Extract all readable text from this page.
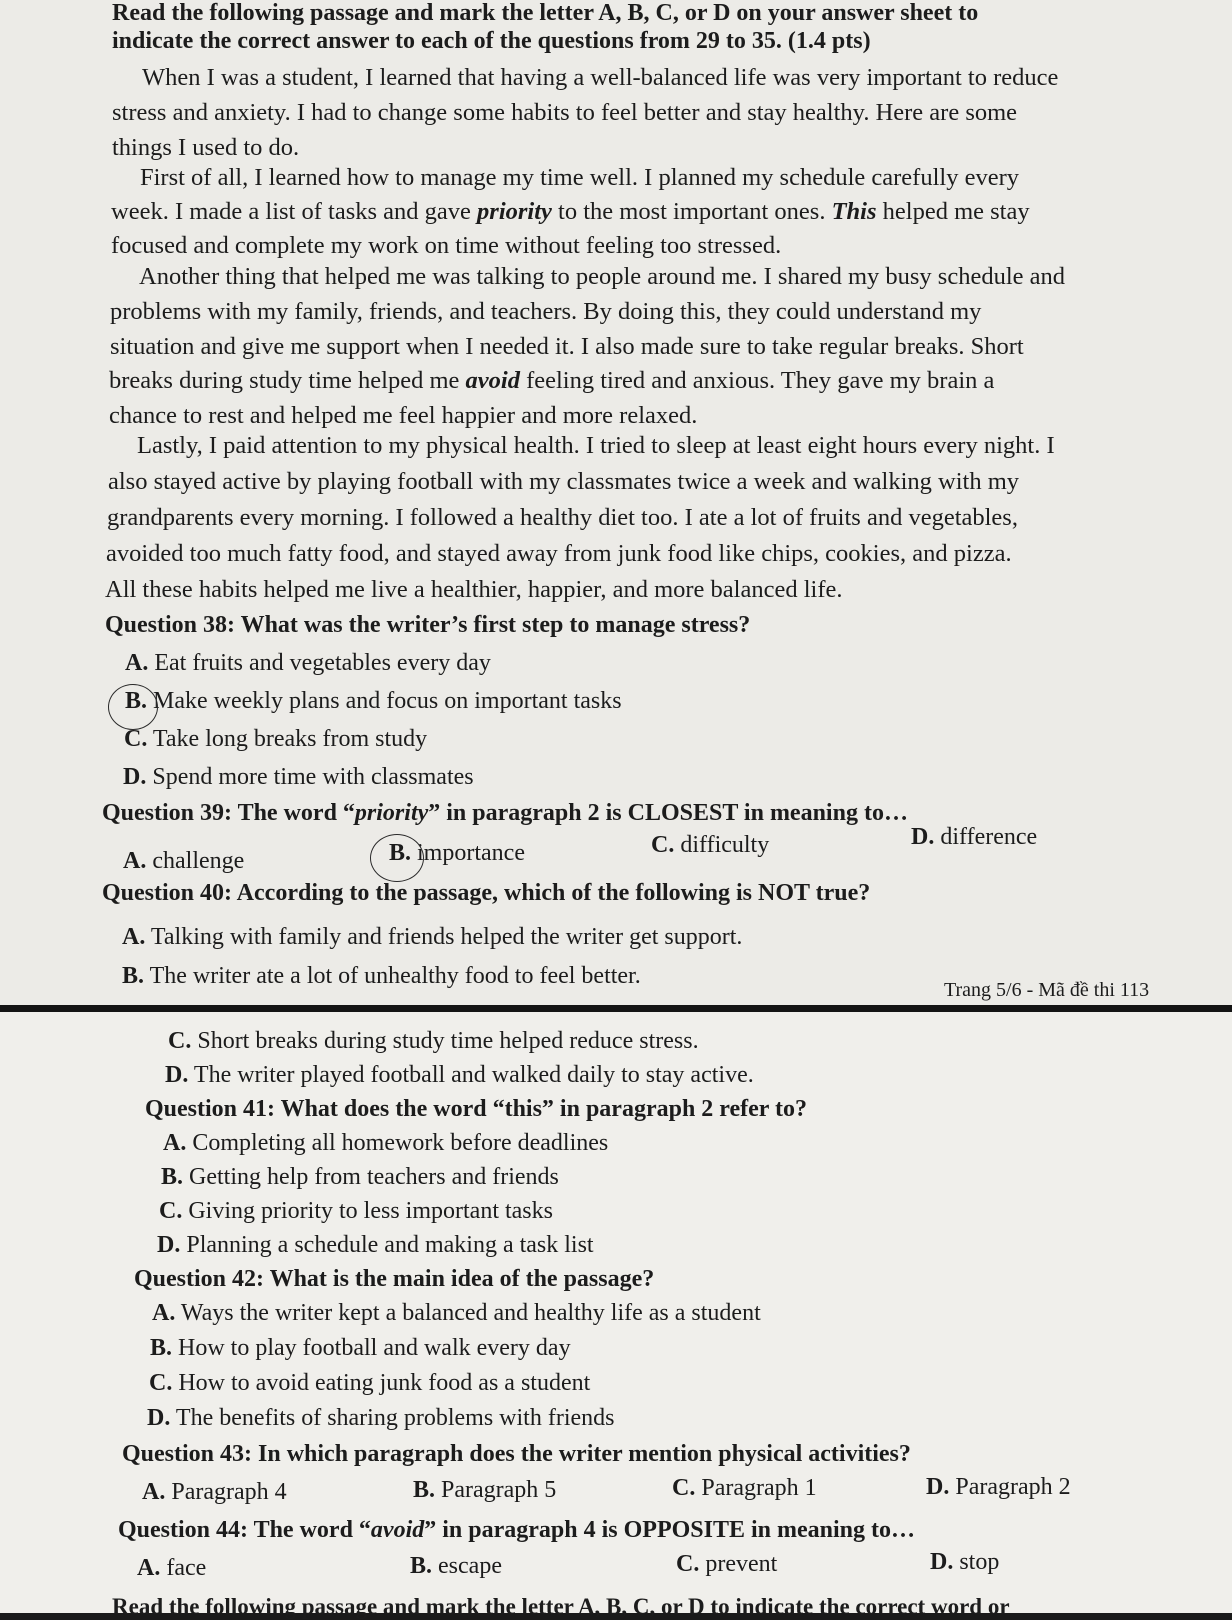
Read the following passage and mark the letter A, B, C, or D on your answer sheet to
indicate the correct answer to each of the questions from 29 to 35. (1.4 pts)
When I was a student, I learned that having a well-balanced life was very important to reduce
stress and anxiety. I had to change some habits to feel better and stay healthy. Here are some
things I used to do.
First of all, I learned how to manage my time well. I planned my schedule carefully every
week. I made a list of tasks and gave priority to the most important ones. This helped me stay
focused and complete my work on time without feeling too stressed.
Another thing that helped me was talking to people around me. I shared my busy schedule and
problems with my family, friends, and teachers. By doing this, they could understand my
situation and give me support when I needed it. I also made sure to take regular breaks. Short
breaks during study time helped me avoid feeling tired and anxious. They gave my brain a
chance to rest and helped me feel happier and more relaxed.
Lastly, I paid attention to my physical health. I tried to sleep at least eight hours every night. I
also stayed active by playing football with my classmates twice a week and walking with my
grandparents every morning. I followed a healthy diet too. I ate a lot of fruits and vegetables,
avoided too much fatty food, and stayed away from junk food like chips, cookies, and pizza.
All these habits helped me live a healthier, happier, and more balanced life.
Question 38: What was the writer’s first step to manage stress?
A. Eat fruits and vegetables every day
B. Make weekly plans and focus on important tasks
C. Take long breaks from study
D. Spend more time with classmates
Question 39: The word “priority” in paragraph 2 is CLOSEST in meaning to…
A. challenge	B. importance	C. difficulty	D. difference
Question 40: According to the passage, which of the following is NOT true?
A. Talking with family and friends helped the writer get support.
B. The writer ate a lot of unhealthy food to feel better.
Trang 5/6 - Mã đề thi 113
C. Short breaks during study time helped reduce stress.
D. The writer played football and walked daily to stay active.
Question 41: What does the word “this” in paragraph 2 refer to?
A. Completing all homework before deadlines
B. Getting help from teachers and friends
C. Giving priority to less important tasks
D. Planning a schedule and making a task list
Question 42: What is the main idea of the passage?
A. Ways the writer kept a balanced and healthy life as a student
B. How to play football and walk every day
C. How to avoid eating junk food as a student
D. The benefits of sharing problems with friends
Question 43: In which paragraph does the writer mention physical activities?
A. Paragraph 4	B. Paragraph 5	C. Paragraph 1	D. Paragraph 2
Question 44: The word “avoid” in paragraph 4 is OPPOSITE in meaning to…
A. face	B. escape	C. prevent	D. stop
Read the following passage and mark the letter A, B, C, or D to indicate the correct word or
